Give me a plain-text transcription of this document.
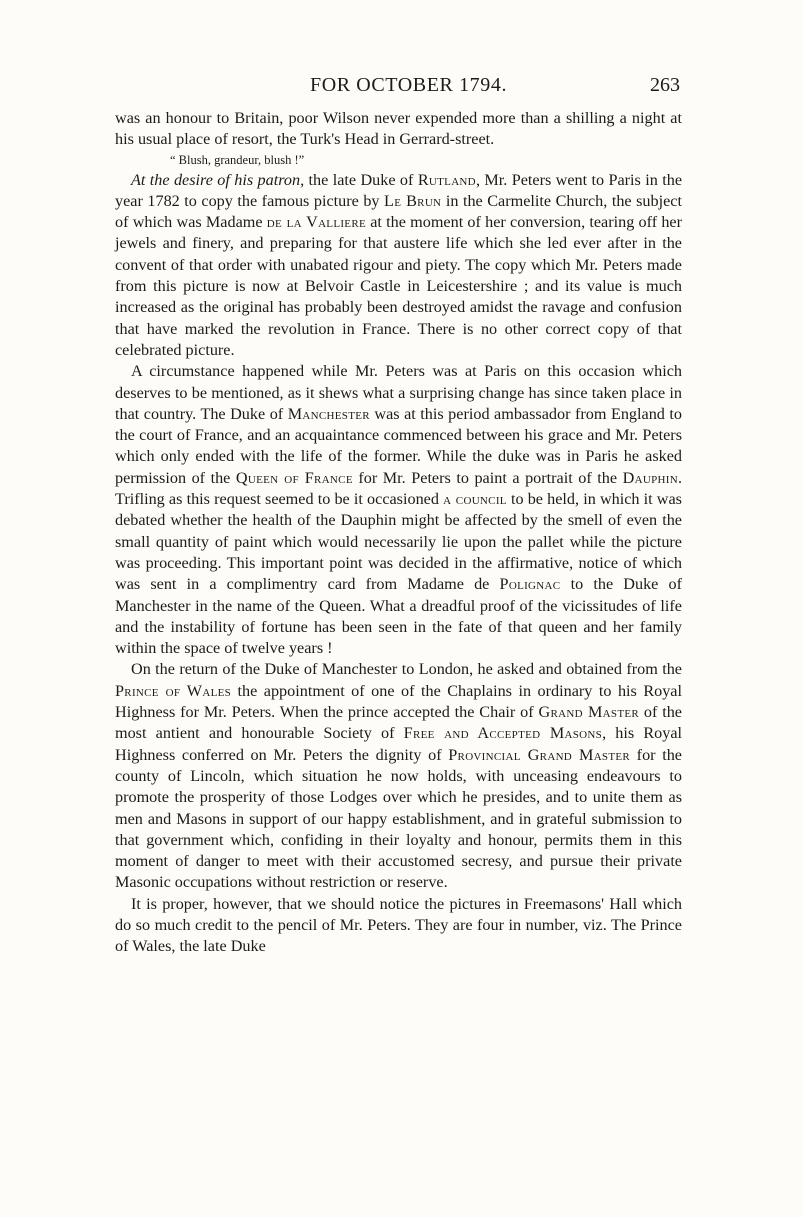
FOR OCTOBER 1794.	263

was an honour to Britain, poor Wilson never expended more than a shilling a night at his usual place of resort, the Turk's Head in Gerrard-street.

“ Blush, grandeur, blush !”

At the desire of his patron, the late Duke of Rutland, Mr. Peters went to Paris in the year 1782 to copy the famous picture by Le Brun in the Carmelite Church, the subject of which was Madame de la Valliere at the moment of her conversion, tearing off her jewels and finery, and preparing for that austere life which she led ever after in the convent of that order with unabated rigour and piety. The copy which Mr. Peters made from this picture is now at Belvoir Castle in Leicestershire ; and its value is much increased as the original has probably been destroyed amidst the ravage and confusion that have marked the revolution in France. There is no other correct copy of that celebrated picture.

A circumstance happened while Mr. Peters was at Paris on this occasion which deserves to be mentioned, as it shews what a surprising change has since taken place in that country. The Duke of Manchester was at this period ambassador from England to the court of France, and an acquaintance commenced between his grace and Mr. Peters which only ended with the life of the former. While the duke was in Paris he asked permission of the Queen of France for Mr. Peters to paint a portrait of the Dauphin. Trifling as this request seemed to be it occasioned a council to be held, in which it was debated whether the health of the Dauphin might be affected by the smell of even the small quantity of paint which would necessarily lie upon the pallet while the picture was proceeding. This important point was decided in the affirmative, notice of which was sent in a complimentry card from Madame de Polignac to the Duke of Manchester in the name of the Queen. What a dreadful proof of the vicissitudes of life and the instability of fortune has been seen in the fate of that queen and her family within the space of twelve years !

On the return of the Duke of Manchester to London, he asked and obtained from the Prince of Wales the appointment of one of the Chaplains in ordinary to his Royal Highness for Mr. Peters. When the prince accepted the Chair of Grand Master of the most antient and honourable Society of Free and Accepted Masons, his Royal Highness conferred on Mr. Peters the dignity of Provincial Grand Master for the county of Lincoln, which situation he now holds, with unceasing endeavours to promote the prosperity of those Lodges over which he presides, and to unite them as men and Masons in support of our happy establishment, and in grateful submission to that government which, confiding in their loyalty and honour, permits them in this moment of danger to meet with their accustomed secresy, and pursue their private Masonic occupations without restriction or reserve.

It is proper, however, that we should notice the pictures in Freemasons' Hall which do so much credit to the pencil of Mr. Peters. They are four in number, viz. The Prince of Wales, the late Duke
